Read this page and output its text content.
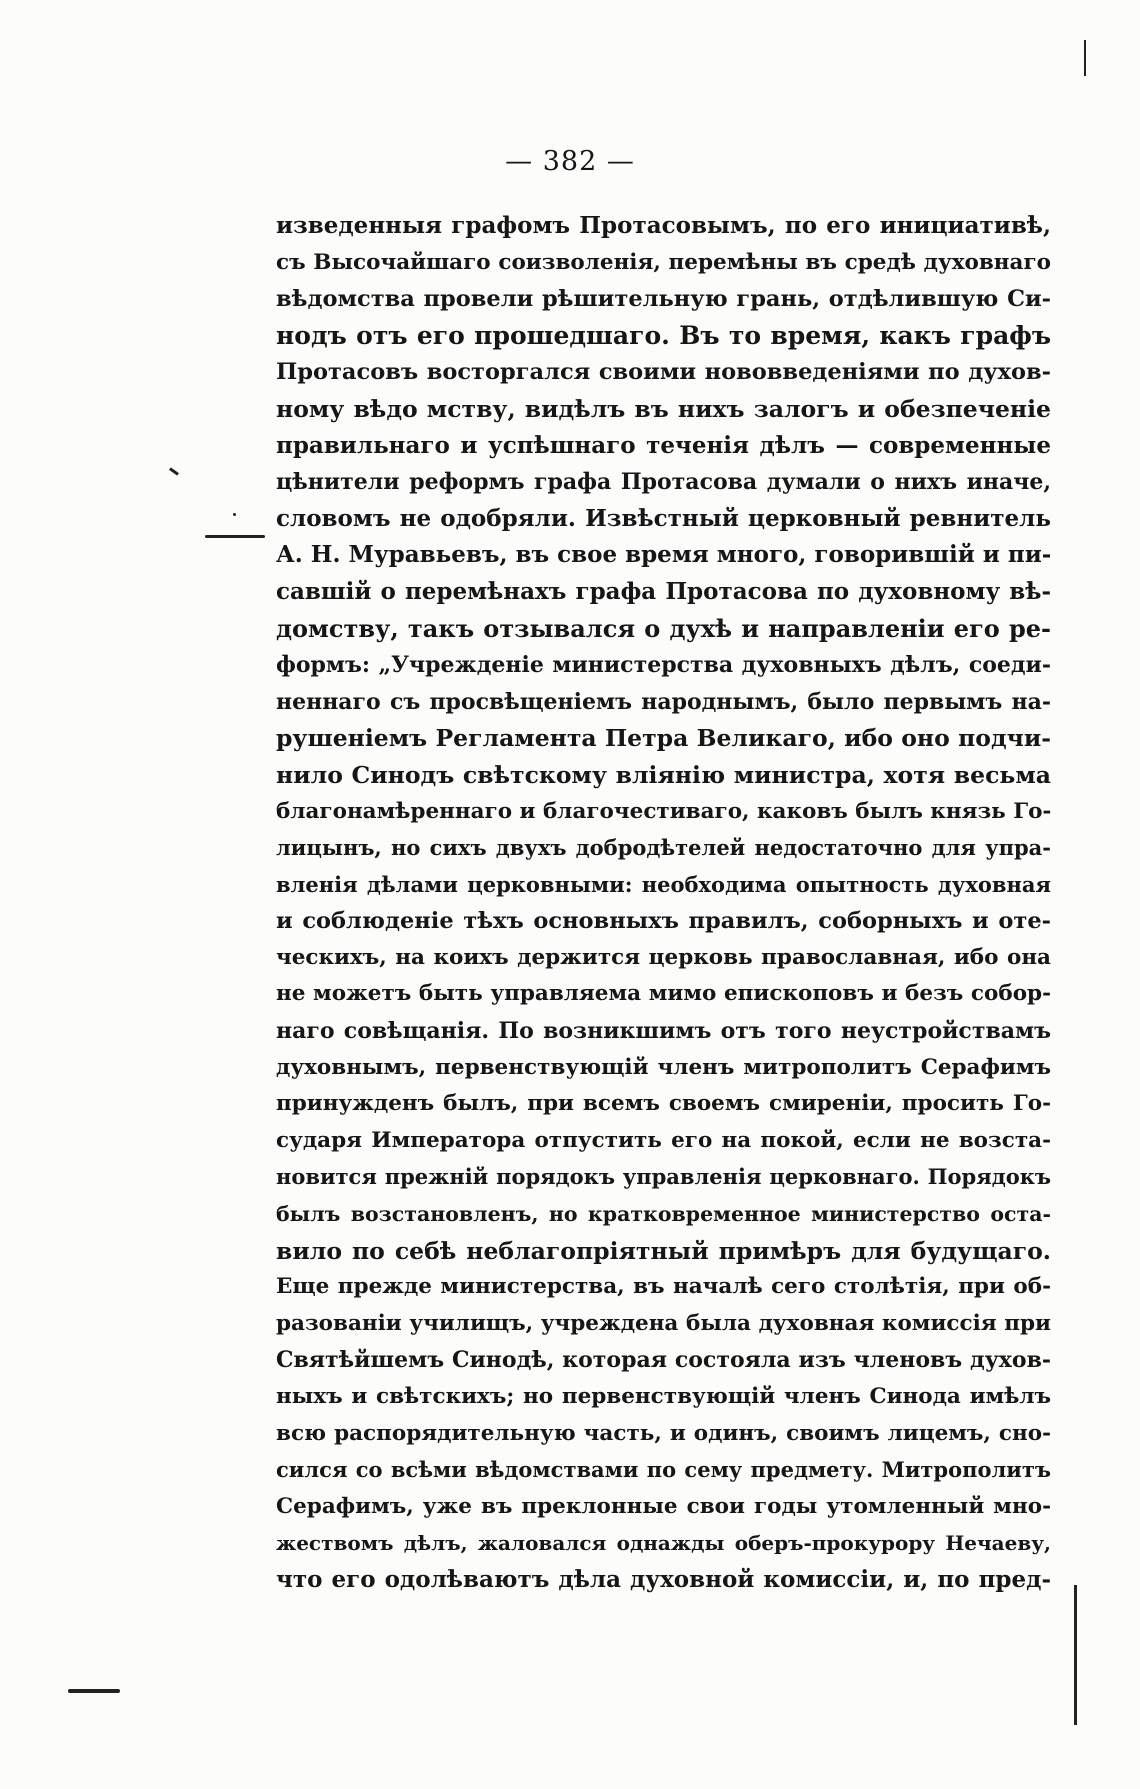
— 382 —
изведенныя графомъ Протасовымъ, по его инициативѣ,
съ Высочайшаго соизволенія, перемѣны въ средѣ духовнаго
вѣдомства провели рѣшительную грань, отдѣлившую Си-
нодъ отъ его прошедшаго. Въ то время, какъ графъ
Протасовъ восторгался своими нововведеніями по духов-
ному вѣдо мству, видѣлъ въ нихъ залогъ и обезпеченіе
правильнаго и успѣшнаго теченія дѣлъ — современные
цѣнители реформъ графа Протасова думали о нихъ иначе,
словомъ не одобряли. Извѣстный церковный ревнитель
А. Н. Муравьевъ, въ свое время много, говорившій и пи-
савшій о перемѣнахъ графа Протасова по духовному вѣ-
домству, такъ отзывался о духѣ и направленіи его ре-
формъ: „Учрежденіе министерства духовныхъ дѣлъ, соеди-
неннаго съ просвѣщеніемъ народнымъ, было первымъ на-
рушеніемъ Регламента Петра Великаго, ибо оно подчи-
нило Синодъ свѣтскому вліянію министра, хотя весьма
благонамѣреннаго и благочестиваго, каковъ былъ князь Го-
лицынъ, но сихъ двухъ добродѣтелей недостаточно для упра-
вленія дѣлами церковными: необходима опытность духовная
и соблюденіе тѣхъ основныхъ правилъ, соборныхъ и оте-
ческихъ, на коихъ держится церковь православная, ибо она
не можетъ быть управляема мимо епископовъ и безъ собор-
наго совѣщанія. По возникшимъ отъ того неустройствамъ
духовнымъ, первенствующій членъ митрополитъ Серафимъ
принужденъ былъ, при всемъ своемъ смиреніи, просить Го-
сударя Императора отпустить его на покой, если не возста-
новится прежній порядокъ управленія церковнаго. Порядокъ
былъ возстановленъ, но кратковременное министерство оста-
вило по себѣ неблагопріятный примѣръ для будущаго.
Еще прежде министерства, въ началѣ сего столѣтія, при об-
разованіи училищъ, учреждена была духовная комиссія при
Святѣйшемъ Синодѣ, которая состояла изъ членовъ духов-
ныхъ и свѣтскихъ; но первенствующій членъ Синода имѣлъ
всю распорядительную часть, и одинъ, своимъ лицемъ, сно-
сился со всѣми вѣдомствами по сему предмету. Митрополитъ
Серафимъ, уже въ преклонные свои годы утомленный мно-
жествомъ дѣлъ, жаловался однажды оберъ-прокурору Нечаеву,
что его одолѣваютъ дѣла духовной комиссіи, и, по пред-
